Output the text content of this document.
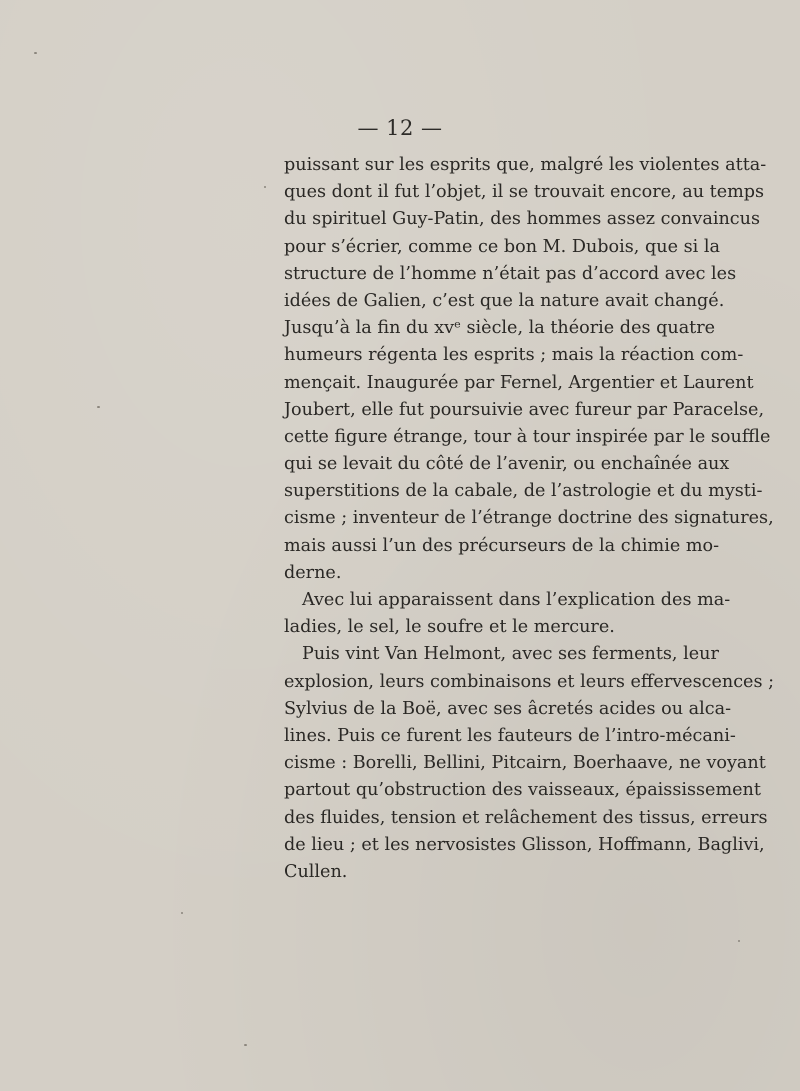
— 12 —
puissant sur les esprits que, malgré les violentes atta-
ques dont il fut l’objet, il se trouvait encore, au temps
du spirituel Guy-Patin, des hommes assez convaincus
pour s’écrier, comme ce bon M. Dubois, que si la
structure de l’homme n’était pas d’accord avec les
idées de Galien, c’est que la nature avait changé.
Jusqu’à la fin du xvᵉ siècle, la théorie des quatre
humeurs régenta les esprits ; mais la réaction com-
mençait. Inaugurée par Fernel, Argentier et Laurent
Joubert, elle fut poursuivie avec fureur par Paracelse,
cette figure étrange, tour à tour inspirée par le souffle
qui se levait du côté de l’avenir, ou enchaînée aux
superstitions de la cabale, de l’astrologie et du mysti-
cisme ; inventeur de l’étrange doctrine des signatures,
mais aussi l’un des précurseurs de la chimie mo-
derne.
Avec lui apparaissent dans l’explication des ma-
ladies, le sel, le soufre et le mercure.
Puis vint Van Helmont, avec ses ferments, leur
explosion, leurs combinaisons et leurs effervescences ;
Sylvius de la Boë, avec ses âcretés acides ou alca-
lines. Puis ce furent les fauteurs de l’intro-mécani-
cisme : Borelli, Bellini, Pitcairn, Boerhaave, ne voyant
partout qu’obstruction des vaisseaux, épaississement
des fluides, tension et relâchement des tissus, erreurs
de lieu ; et les nervosistes Glisson, Hoffmann, Baglivi,
Cullen.
